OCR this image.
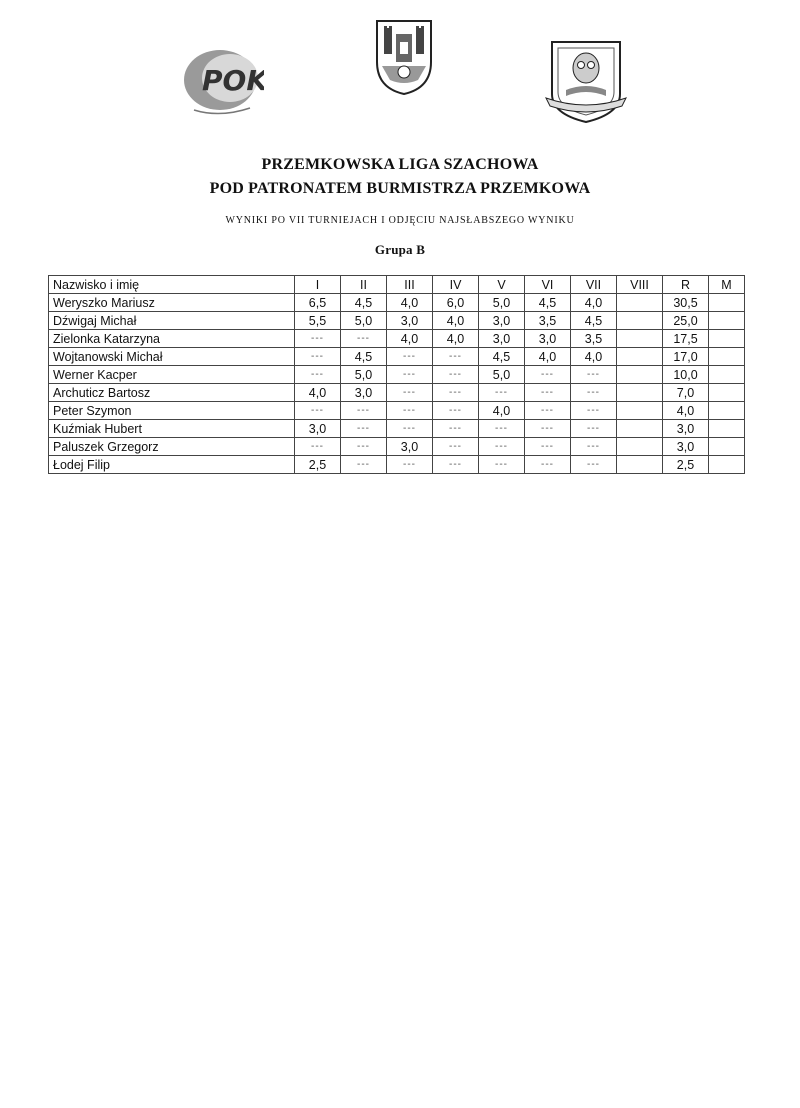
POK
PRZEMKOWSKA LIGA SZACHOWA
POD PATRONATEM BURMISTRZA PRZEMKOWA
WYNIKI PO VII TURNIEJACH I ODJĘCIU NAJSŁABSZEGO WYNIKU
Grupa B
Nazwisko i imię	I	II	III	IV	V	VI	VII	VIII	R	M
Weryszko Mariusz	6,5	4,5	4,0	6,0	5,0	4,5	4,0		30,5	
Dźwigaj Michał	5,5	5,0	3,0	4,0	3,0	3,5	4,5		25,0	
Zielonka Katarzyna	---	---	4,0	4,0	3,0	3,0	3,5		17,5	
Wojtanowski Michał	---	4,5	---	---	4,5	4,0	4,0		17,0	
Werner Kacper	---	5,0	---	---	5,0	---	---		10,0	
Archuticz Bartosz	4,0	3,0	---	---	---	---	---		7,0	
Peter Szymon	---	---	---	---	4,0	---	---		4,0	
Kuźmiak Hubert	3,0	---	---	---	---	---	---		3,0	
Paluszek Grzegorz	---	---	3,0	---	---	---	---		3,0	
Łodej Filip	2,5	---	---	---	---	---	---		2,5	
